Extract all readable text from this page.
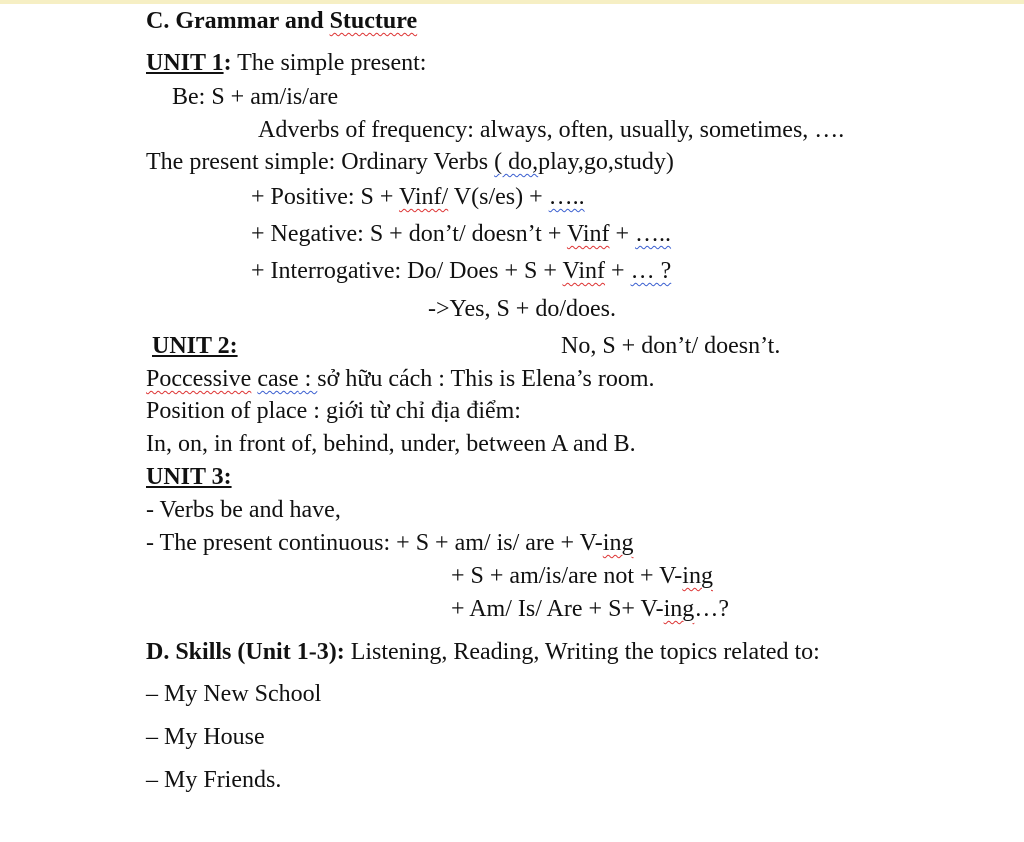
C. Grammar and Stucture
UNIT 1: The simple present:
Be: S + am/is/are
Adverbs of frequency: always, often, usually, sometimes, ….
The present simple: Ordinary Verbs ( do,play,go,study)
+ Positive: S + Vinf/ V(s/es) + …..
+ Negative: S + don’t/ doesn’t + Vinf + …..
+ Interrogative: Do/ Does + S + Vinf + … ?
->Yes, S + do/does.
UNIT 2:	No, S + don’t/ doesn’t.
Poccessive case : sở hữu cách : This is Elena’s room.
Position of place : giới từ chỉ địa điểm:
In, on, in front of, behind, under, between A and B.
UNIT 3:
- Verbs be and have,
- The present continuous: + S + am/ is/ are + V-ing
+ S + am/is/are not + V-ing
+ Am/ Is/ Are + S+ V-ing…?
D. Skills (Unit 1-3): Listening, Reading, Writing the topics related to:
– My New School
– My House
– My Friends.
